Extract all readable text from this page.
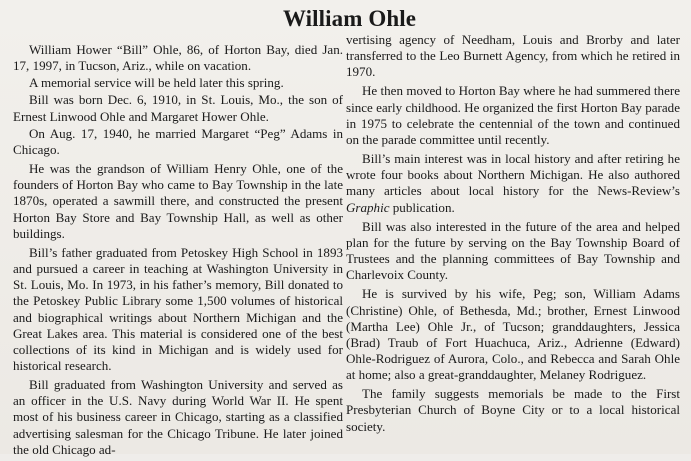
William Ohle

William Hower “Bill” Ohle, 86, of Horton Bay, died Jan. 17, 1997, in Tucson, Ariz., while on vacation.

A memorial service will be held later this spring.

Bill was born Dec. 6, 1910, in St. Louis, Mo., the son of Ernest Linwood Ohle and Margaret Hower Ohle.

On Aug. 17, 1940, he married Margaret “Peg” Adams in Chicago.

He was the grandson of William Henry Ohle, one of the founders of Horton Bay who came to Bay Township in the late 1870s, operated a sawmill there, and constructed the present Horton Bay Store and Bay Township Hall, as well as other buildings.

Bill’s father graduated from Petoskey High School in 1893 and pursued a career in teaching at Washington University in St. Louis, Mo. In 1973, in his father’s memory, Bill donated to the Petoskey Public Library some 1,500 volumes of historical and biographical writings about Northern Michigan and the Great Lakes area. This material is considered one of the best collections of its kind in Michigan and is widely used for historical research.

Bill graduated from Washington University and served as an officer in the U.S. Navy during World War II. He spent most of his business career in Chicago, starting as a classified advertising salesman for the Chicago Tribune. He later joined the old Chicago ad-

vertising agency of Needham, Louis and Brorby and later transferred to the Leo Burnett Agency, from which he retired in 1970.

He then moved to Horton Bay where he had summered there since early childhood. He organized the first Horton Bay parade in 1975 to celebrate the centennial of the town and continued on the parade committee until recently.

Bill’s main interest was in local history and after retiring he wrote four books about Northern Michigan. He also authored many articles about local history for the News-Review’s Graphic publication.

Bill was also interested in the future of the area and helped plan for the future by serving on the Bay Township Board of Trustees and the planning committees of Bay Township and Charlevoix County.

He is survived by his wife, Peg; son, William Adams (Christine) Ohle, of Bethesda, Md.; brother, Ernest Linwood (Martha Lee) Ohle Jr., of Tucson; granddaughters, Jessica (Brad) Traub of Fort Huachuca, Ariz., Adrienne (Edward) Ohle-Rodriguez of Aurora, Colo., and Rebecca and Sarah Ohle at home; also a great-granddaughter, Melaney Rodriguez.

The family suggests memorials be made to the First Presbyterian Church of Boyne City or to a local historical society.
